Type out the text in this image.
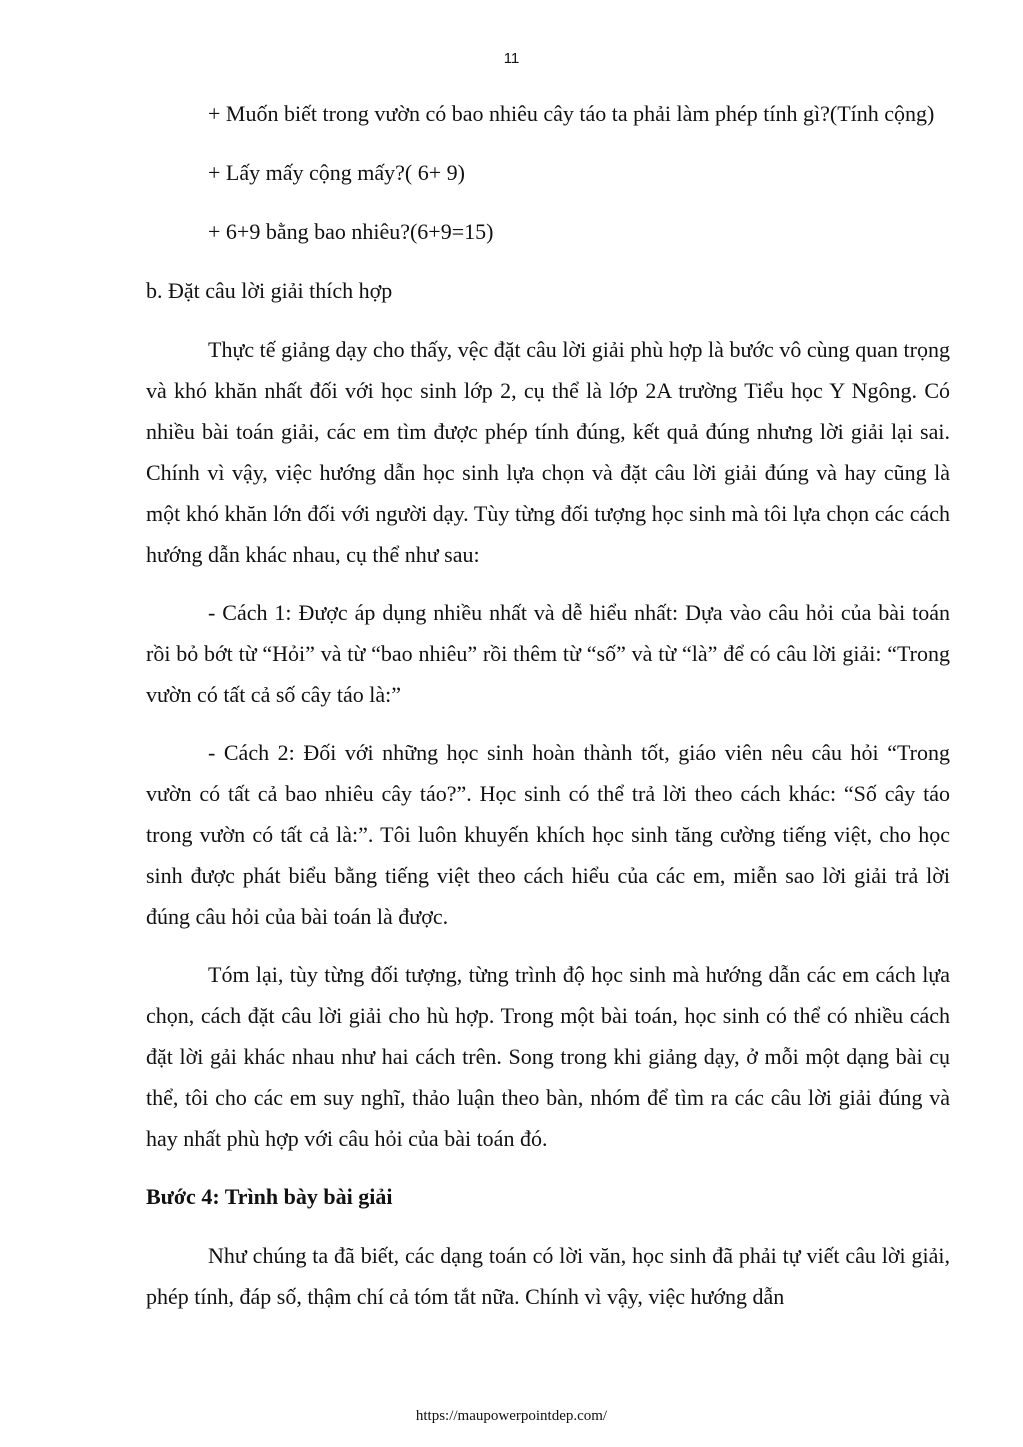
11

+ Muốn biết trong vườn có bao nhiêu cây táo ta phải làm phép tính gì?(Tính cộng)

+ Lấy mấy cộng mấy?( 6+ 9)

+ 6+9 bằng bao nhiêu?(6+9=15)

b. Đặt câu lời giải thích hợp

Thực tế giảng dạy cho thấy, vệc đặt câu lời giải phù hợp là bước vô cùng quan trọng và khó khăn nhất đối với học sinh lớp 2, cụ thể là lớp 2A trường Tiểu học Y Ngông. Có nhiều bài toán giải, các em tìm được phép tính đúng, kết quả đúng nhưng lời giải lại sai. Chính vì vậy, việc hướng dẫn học sinh lựa chọn và đặt câu lời giải đúng và hay cũng là một khó khăn lớn đối với người dạy. Tùy từng đối tượng học sinh mà tôi lựa chọn các cách hướng dẫn khác nhau, cụ thể như sau:

- Cách 1: Được áp dụng nhiều nhất và dễ hiểu nhất: Dựa vào câu hỏi của bài toán rồi bỏ bớt từ “Hỏi” và từ “bao nhiêu” rồi thêm từ “số” và từ “là” để có câu lời giải: “Trong vườn có tất cả số cây táo là:”

- Cách 2: Đối với những học sinh hoàn thành tốt, giáo viên nêu câu hỏi “Trong vườn có tất cả bao nhiêu cây táo?”. Học sinh có thể trả lời theo cách khác: “Số cây táo trong vườn có tất cả là:”. Tôi luôn khuyến khích học sinh tăng cường tiếng việt, cho học sinh được phát biểu bằng tiếng việt theo cách hiểu của các em, miễn sao lời giải trả lời đúng câu hỏi của bài toán là được.

Tóm lại, tùy từng đối tượng, từng trình độ học sinh mà hướng dẫn các em cách lựa chọn, cách đặt câu lời giải cho hù hợp. Trong một bài toán, học sinh có thể có nhiều cách đặt lời gải khác nhau như hai cách trên. Song trong khi giảng dạy, ở mỗi một dạng bài cụ thể, tôi cho các em suy nghĩ, thảo luận theo bàn, nhóm để tìm ra các câu lời giải đúng và hay nhất phù hợp với câu hỏi của bài toán đó.

Bước 4: Trình bày bài giải

Như chúng ta đã biết, các dạng toán có lời văn, học sinh đã phải tự viết câu lời giải, phép tính, đáp số, thậm chí cả tóm tắt nữa. Chính vì vậy, việc hướng dẫn

https://maupowerpointdep.com/
